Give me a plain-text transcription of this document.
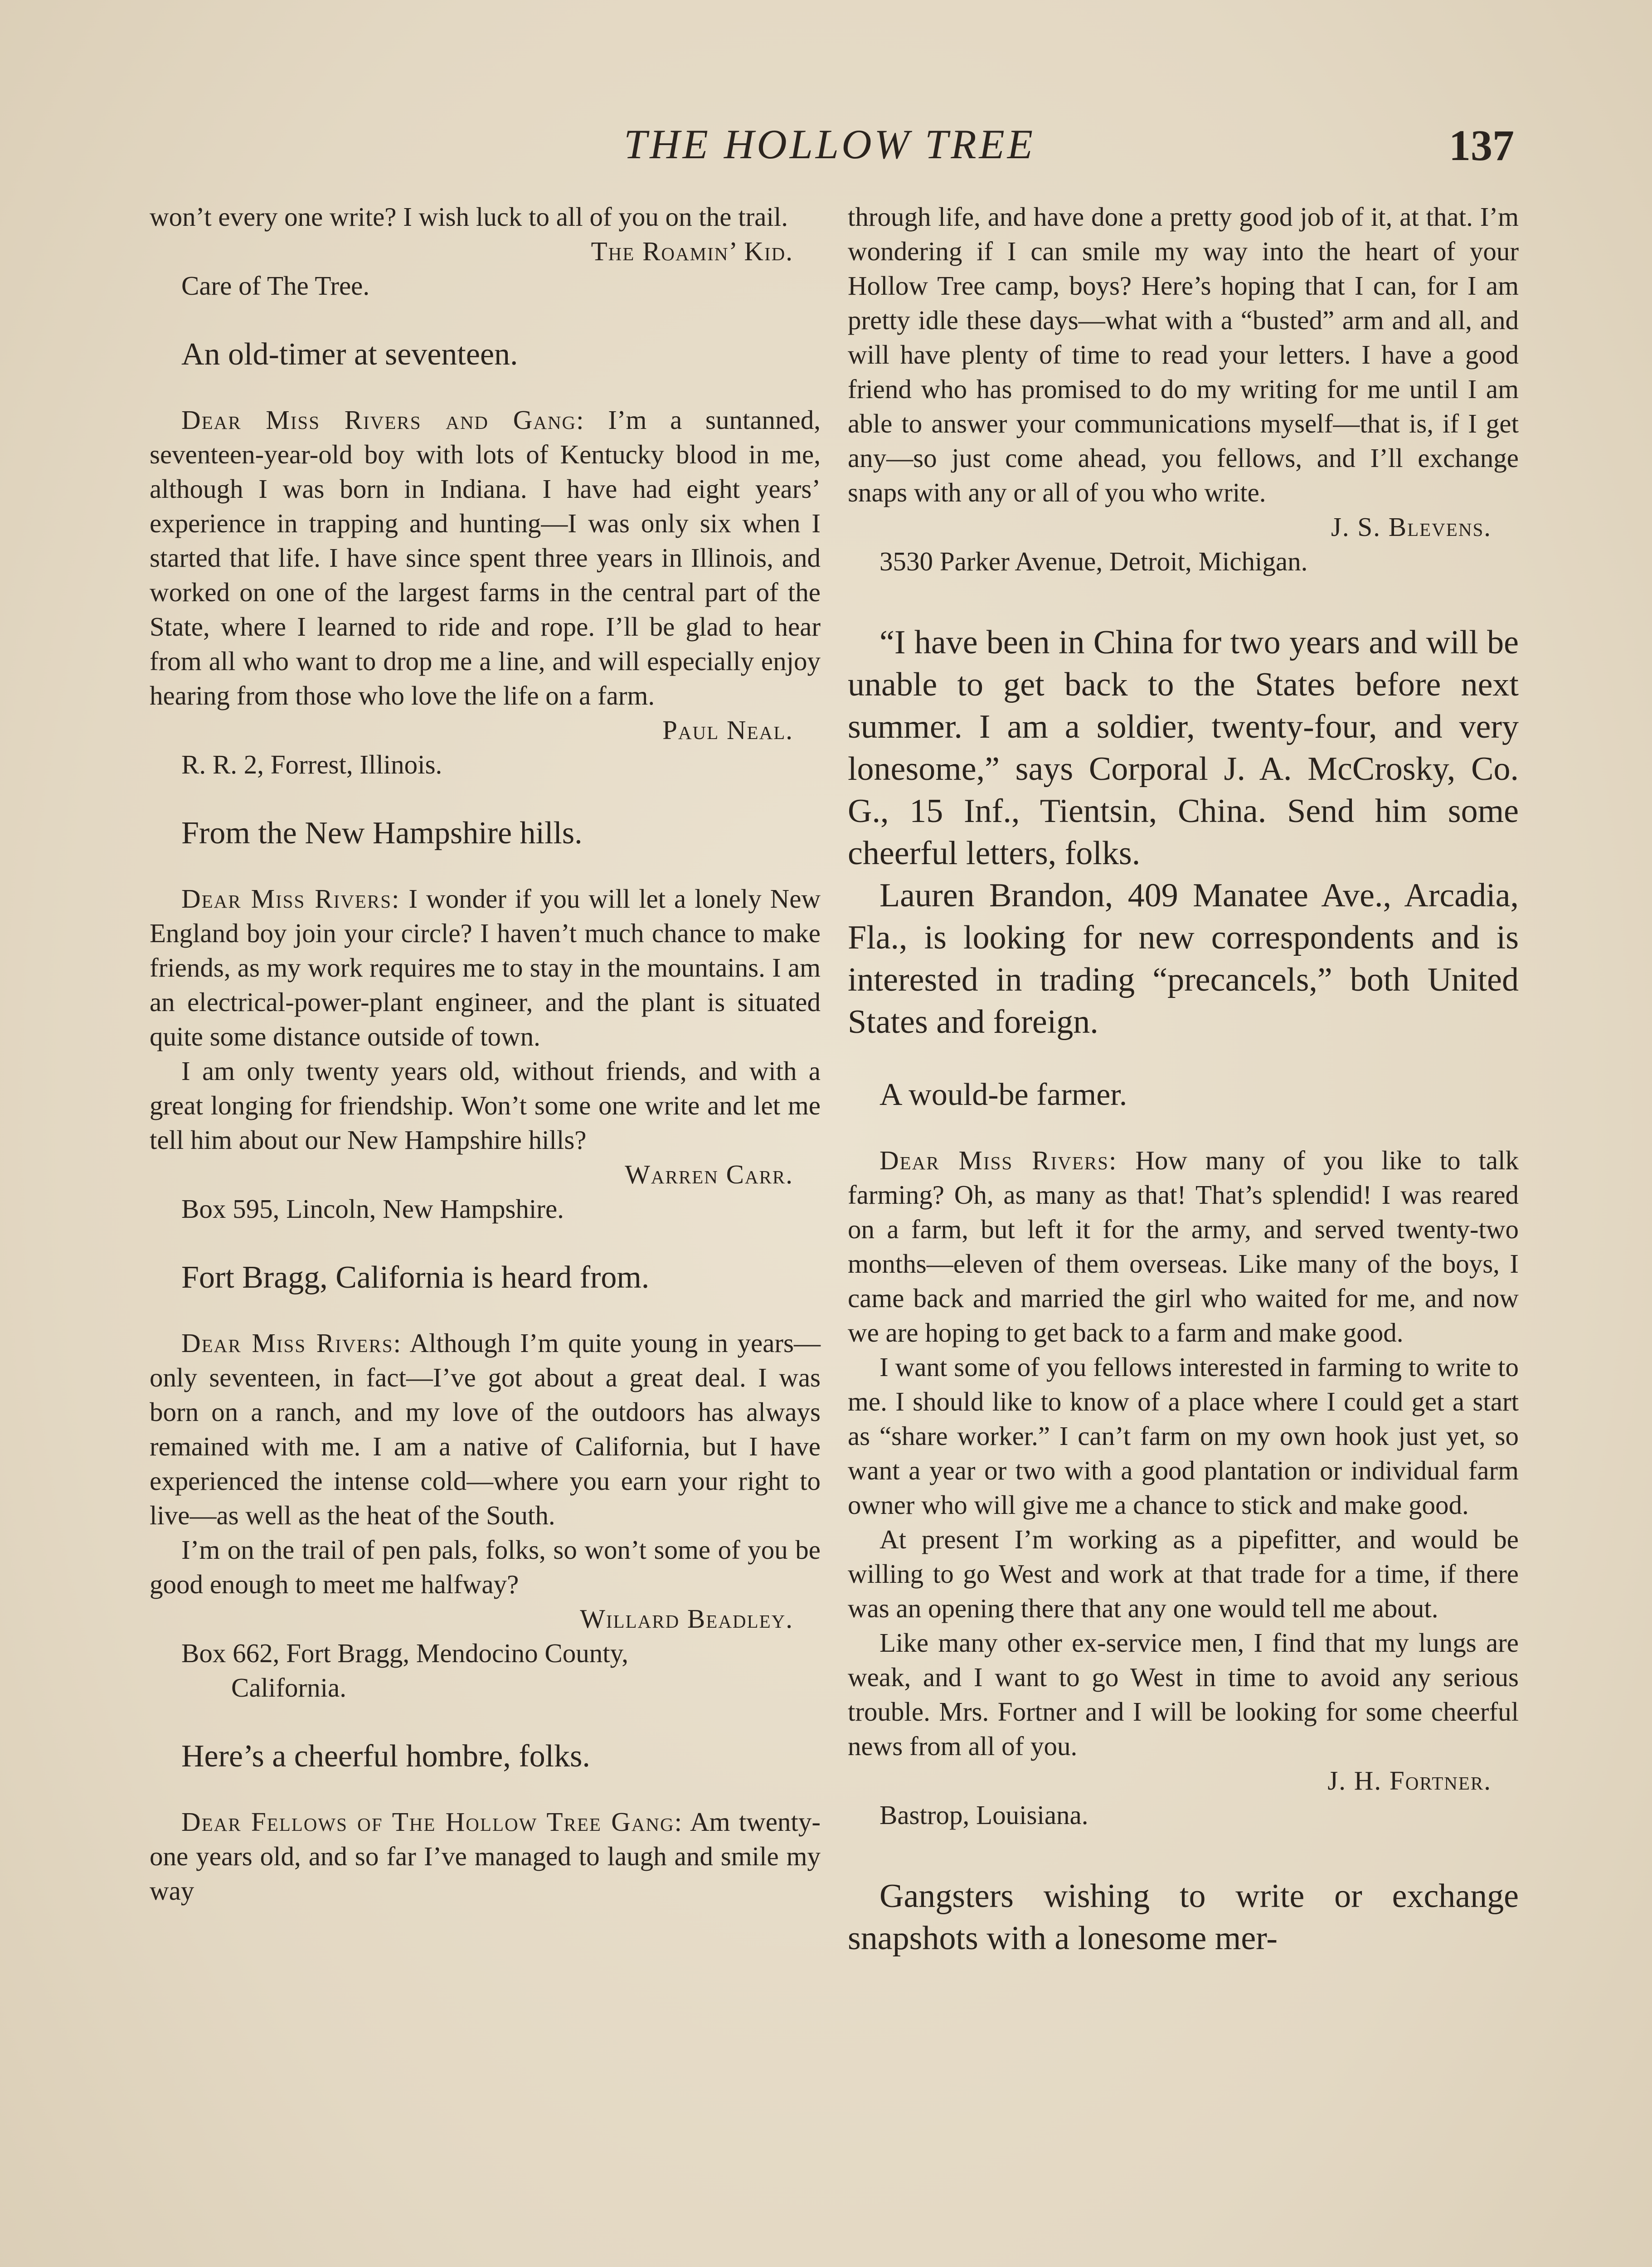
THE HOLLOW TREE	137

won’t every one write? I wish luck to all of you on the trail.

The Roamin’ Kid.

Care of The Tree.

An old-timer at seventeen.

Dear Miss Rivers and Gang: I’m a suntanned, seventeen-year-old boy with lots of Kentucky blood in me, although I was born in Indiana. I have had eight years’ experience in trapping and hunting—I was only six when I started that life. I have since spent three years in Illinois, and worked on one of the largest farms in the central part of the State, where I learned to ride and rope. I’ll be glad to hear from all who want to drop me a line, and will especially enjoy hearing from those who love the life on a farm.

Paul Neal.

R. R. 2, Forrest, Illinois.

From the New Hampshire hills.

Dear Miss Rivers: I wonder if you will let a lonely New England boy join your circle? I haven’t much chance to make friends, as my work requires me to stay in the mountains. I am an electrical-power-plant engineer, and the plant is situated quite some distance outside of town.

I am only twenty years old, without friends, and with a great longing for friendship. Won’t some one write and let me tell him about our New Hampshire hills?

Warren Carr.

Box 595, Lincoln, New Hampshire.

Fort Bragg, California is heard from.

Dear Miss Rivers: Although I’m quite young in years—only seventeen, in fact—I’ve got about a great deal. I was born on a ranch, and my love of the outdoors has always remained with me. I am a native of California, but I have experienced the intense cold—where you earn your right to live—as well as the heat of the South.

I’m on the trail of pen pals, folks, so won’t some of you be good enough to meet me halfway?

Willard Beadley.

Box 662, Fort Bragg, Mendocino County,

California.

Here’s a cheerful hombre, folks.

Dear Fellows of The Hollow Tree Gang: Am twenty-one years old, and so far I’ve managed to laugh and smile my way

through life, and have done a pretty good job of it, at that. I’m wondering if I can smile my way into the heart of your Hollow Tree camp, boys? Here’s hoping that I can, for I am pretty idle these days—what with a “busted” arm and all, and will have plenty of time to read your letters. I have a good friend who has promised to do my writing for me until I am able to answer your communications myself—that is, if I get any—so just come ahead, you fellows, and I’ll exchange snaps with any or all of you who write.

J. S. Blevens.

3530 Parker Avenue, Detroit, Michigan.

“I have been in China for two years and will be unable to get back to the States before next summer. I am a soldier, twenty-four, and very lonesome,” says Corporal J. A. McCrosky, Co. G., 15 Inf., Tientsin, China. Send him some cheerful letters, folks.

Lauren Brandon, 409 Manatee Ave., Arcadia, Fla., is looking for new correspondents and is interested in trading “precancels,” both United States and foreign.

A would-be farmer.

Dear Miss Rivers: How many of you like to talk farming? Oh, as many as that! That’s splendid! I was reared on a farm, but left it for the army, and served twenty-two months—eleven of them overseas. Like many of the boys, I came back and married the girl who waited for me, and now we are hoping to get back to a farm and make good.

I want some of you fellows interested in farming to write to me. I should like to know of a place where I could get a start as “share worker.” I can’t farm on my own hook just yet, so want a year or two with a good plantation or individual farm owner who will give me a chance to stick and make good.

At present I’m working as a pipefitter, and would be willing to go West and work at that trade for a time, if there was an opening there that any one would tell me about.

Like many other ex-service men, I find that my lungs are weak, and I want to go West in time to avoid any serious trouble. Mrs. Fortner and I will be looking for some cheerful news from all of you.

J. H. Fortner.

Bastrop, Louisiana.

Gangsters wishing to write or exchange snapshots with a lonesome mer-
